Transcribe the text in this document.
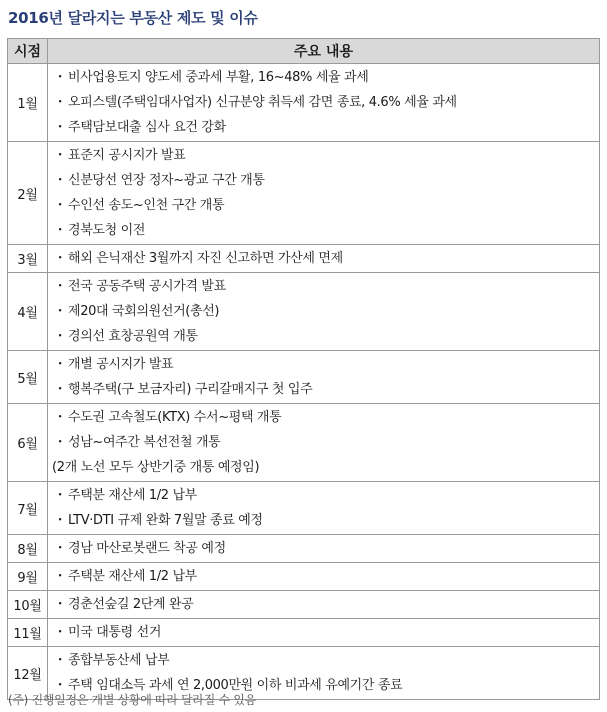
2016년 달라지는 부동산 제도 및 이슈
시점	주요 내용
1월	・ 비사업용토지 양도세 중과세 부활, 16~48% 세율 과세
・ 오피스텔(주택임대사업자) 신규분양 취득세 감면 종료, 4.6% 세율 과세
・ 주택담보대출 심사 요건 강화

2월	・ 표준지 공시지가 발표
・ 신분당선 연장 정자~광교 구간 개통
・ 수인선 송도~인천 구간 개통
・ 경북도청 이전

3월	・ 해외 은닉재산 3월까지 자진 신고하면 가산세 면제

4월	・ 전국 공동주택 공시가격 발표
・ 제20대 국회의원선거(총선)
・ 경의선 효창공원역 개통

5월	・ 개별 공시지가 발표
・ 행복주택(구 보금자리) 구리갈매지구 첫 입주

6월	・ 수도권 고속철도(KTX) 수서~평택 개통
・ 성남~여주간 복선전철 개통
(2개 노선 모두 상반기중 개통 예정임)

7월	・ 주택분 재산세 1/2 납부
・ LTV·DTI 규제 완화 7월말 종료 예정

8월	・ 경남 마산로봇랜드 착공 예정

9월	・ 주택분 재산세 1/2 납부

10월	・ 경춘선숲길 2단계 완공

11월	・ 미국 대통령 선거

12월	・ 종합부동산세 납부
・ 주택 임대소득 과세 연 2,000만원 이하 비과세 유예기간 종료
(주) 진행일정은 개별 상황에 따라 달라질 수 있음
